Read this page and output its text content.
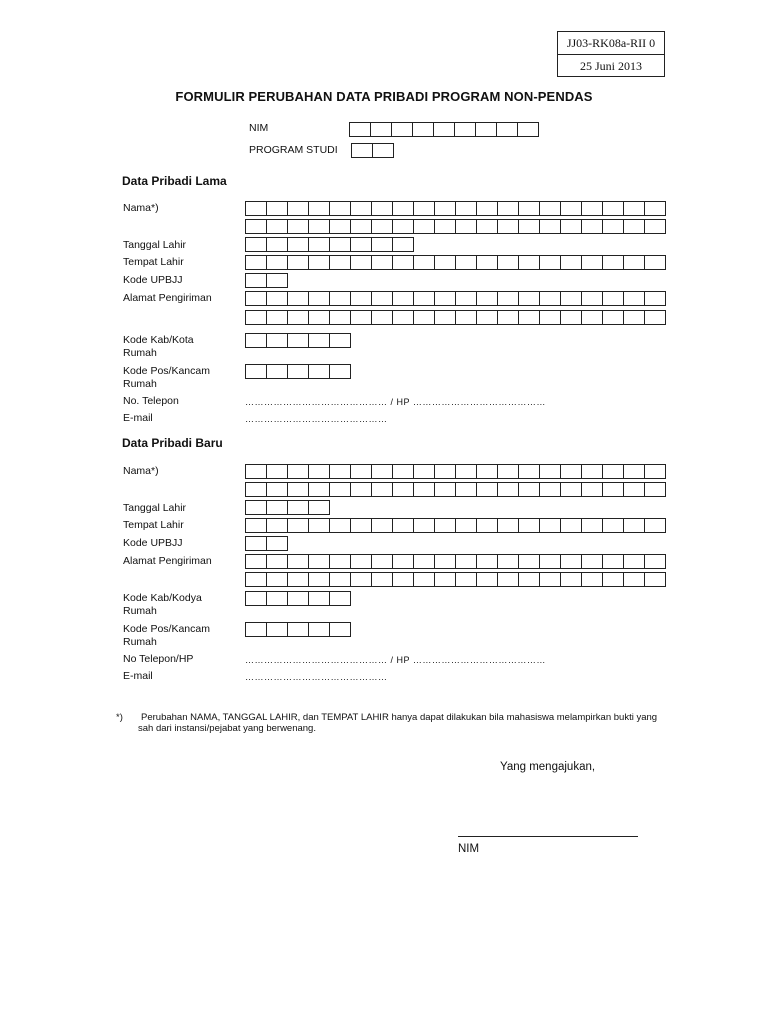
JJ03-RK08a-RII 0
25 Juni 2013
FORMULIR PERUBAHAN DATA PRIBADI PROGRAM NON-PENDAS
NIM
PROGRAM STUDI
Data Pribadi Lama
Nama*)
Tanggal Lahir
Tempat Lahir
Kode UPBJJ
Alamat Pengiriman
Kode Kab/Kota
Rumah
Kode Pos/Kancam
Rumah
No. Telepon	……………………………………… / HP ……………………………………
E-mail	………………………………………
Data Pribadi Baru
Nama*)
Tanggal Lahir
Tempat Lahir
Kode UPBJJ
Alamat Pengiriman
Kode Kab/Kodya
Rumah
Kode Pos/Kancam
Rumah
No Telepon/HP	……………………………………… / HP ……………………………………
E-mail	………………………………………
*) Perubahan NAMA, TANGGAL LAHIR, dan TEMPAT LAHIR hanya dapat dilakukan bila mahasiswa melampirkan bukti yang
sah dari instansi/pejabat yang berwenang.
Yang mengajukan,
NIM
